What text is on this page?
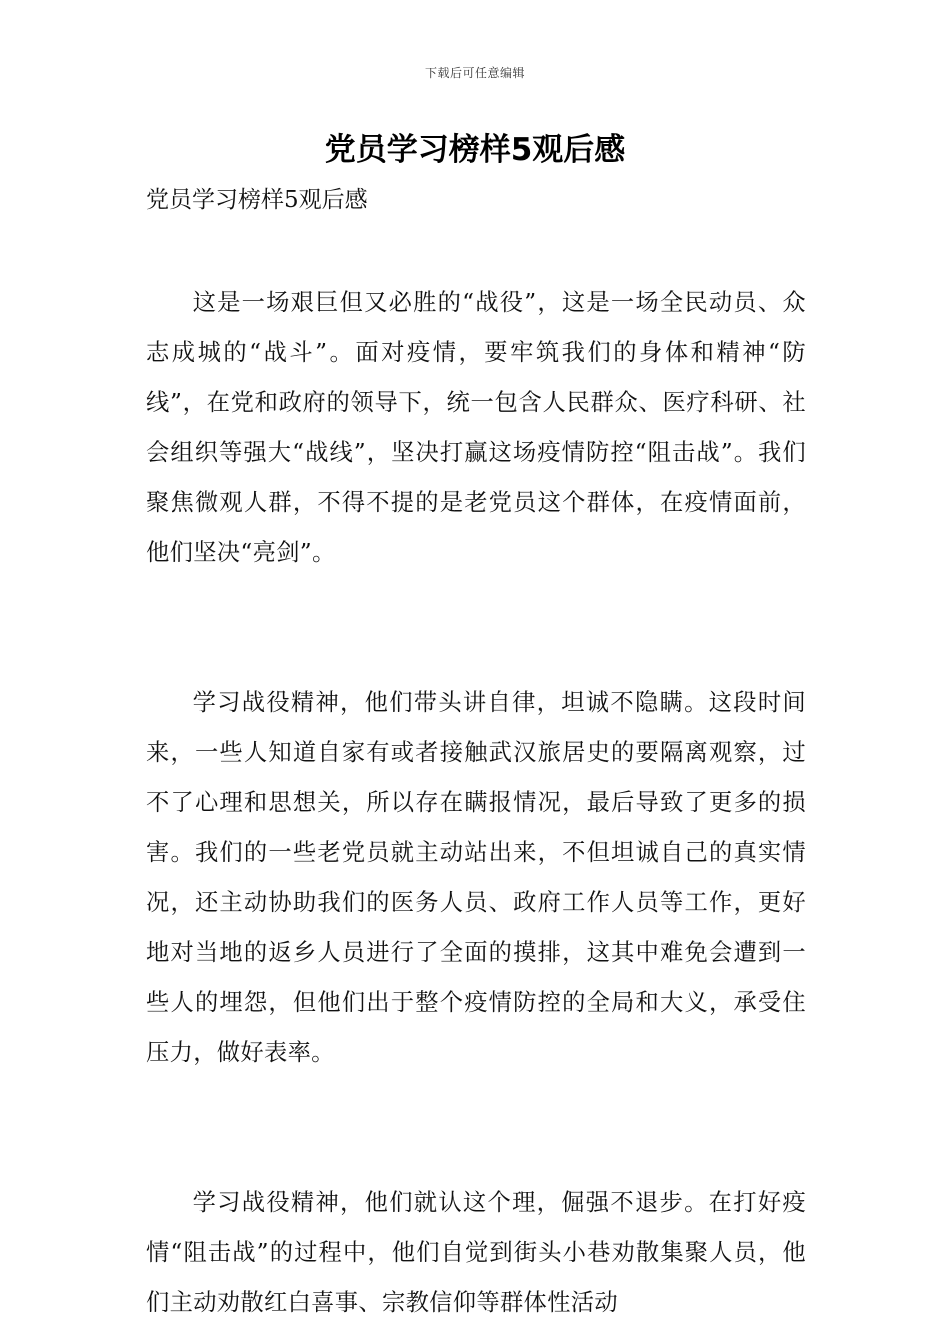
下载后可任意编辑
党员学习榜样5观后感

党员学习榜样5观后感

这是一场艰巨但又必胜的“战役”，这是一场全民动员、众志成城的“战斗”。面对疫情，要牢筑我们的身体和精神“防线”，在党和政府的领导下，统一包含人民群众、医疗科研、社会组织等强大“战线”，坚决打赢这场疫情防控“阻击战”。我们聚焦微观人群，不得不提的是老党员这个群体，在疫情面前，他们坚决“亮剑”。

学习战役精神，他们带头讲自律，坦诚不隐瞒。这段时间来，一些人知道自家有或者接触武汉旅居史的要隔离观察，过不了心理和思想关，所以存在瞒报情况，最后导致了更多的损害。我们的一些老党员就主动站出来，不但坦诚自己的真实情况，还主动协助我们的医务人员、政府工作人员等工作，更好地对当地的返乡人员进行了全面的摸排，这其中难免会遭到一些人的埋怨，但他们出于整个疫情防控的全局和大义，承受住压力，做好表率。

学习战役精神，他们就认这个理，倔强不退步。在打好疫情“阻击战”的过程中，他们自觉到街头小巷劝散集聚人员，他们主动劝散红白喜事、宗教信仰等群体性活动
